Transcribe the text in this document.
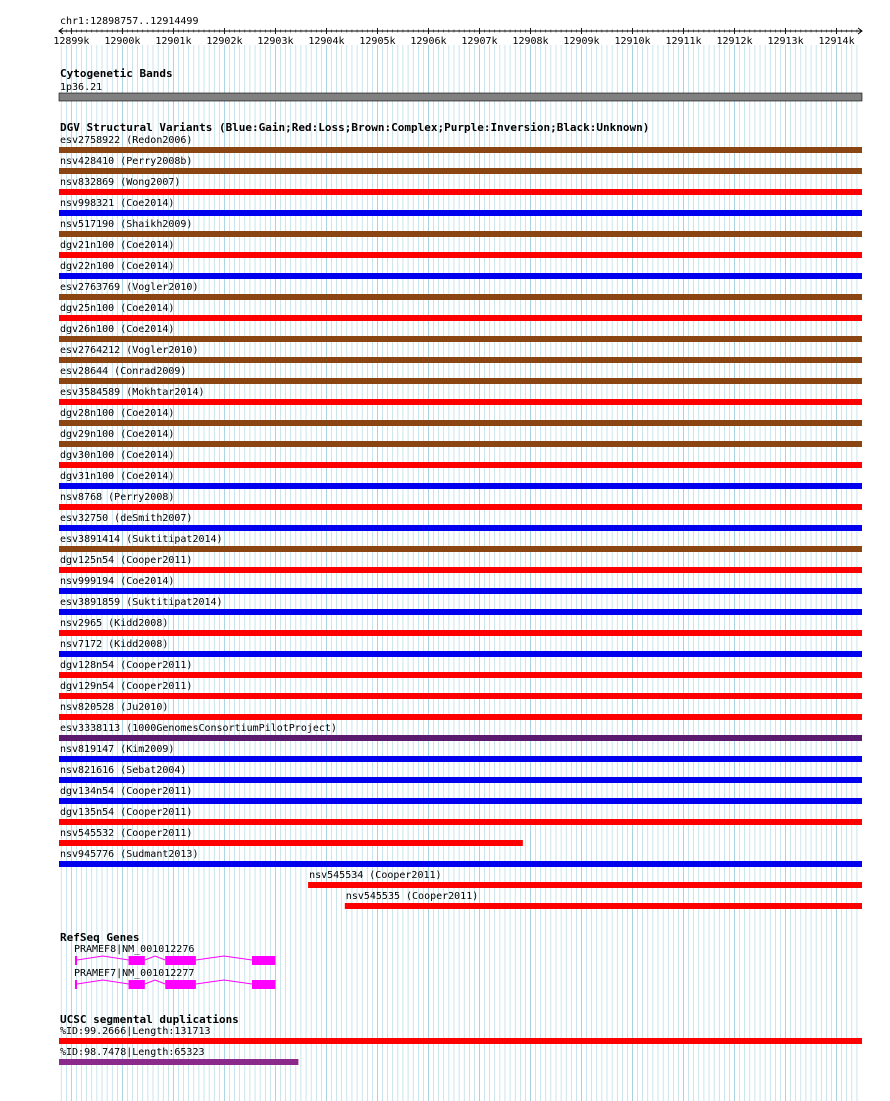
chr1:12898757..12914499
12899k 12900k 12901k 12902k 12903k 12904k 12905k 12906k 12907k 12908k 12909k 12910k 12911k 12912k 12913k 12914k
Cytogenetic Bands
1p36.21
DGV Structural Variants (Blue:Gain;Red:Loss;Brown:Complex;Purple:Inversion;Black:Unknown)
esv2758922 (Redon2006)
nsv428410 (Perry2008b)
nsv832869 (Wong2007)
nsv998321 (Coe2014)
nsv517190 (Shaikh2009)
dgv21n100 (Coe2014)
dgv22n100 (Coe2014)
esv2763769 (Vogler2010)
dgv25n100 (Coe2014)
dgv26n100 (Coe2014)
esv2764212 (Vogler2010)
esv28644 (Conrad2009)
esv3584589 (Mokhtar2014)
dgv28n100 (Coe2014)
dgv29n100 (Coe2014)
dgv30n100 (Coe2014)
dgv31n100 (Coe2014)
nsv8768 (Perry2008)
esv32750 (deSmith2007)
esv3891414 (Suktitipat2014)
dgv125n54 (Cooper2011)
nsv999194 (Coe2014)
esv3891859 (Suktitipat2014)
nsv2965 (Kidd2008)
nsv7172 (Kidd2008)
dgv128n54 (Cooper2011)
dgv129n54 (Cooper2011)
nsv820528 (Ju2010)
esv3338113 (1000GenomesConsortiumPilotProject)
nsv819147 (Kim2009)
nsv821616 (Sebat2004)
dgv134n54 (Cooper2011)
dgv135n54 (Cooper2011)
nsv545532 (Cooper2011)
nsv945776 (Sudmant2013)
nsv545534 (Cooper2011)
nsv545535 (Cooper2011)
RefSeq Genes
PRAMEF8|NM_001012276
PRAMEF7|NM_001012277
UCSC segmental duplications
%ID:99.2666|Length:131713
%ID:98.7478|Length:65323
